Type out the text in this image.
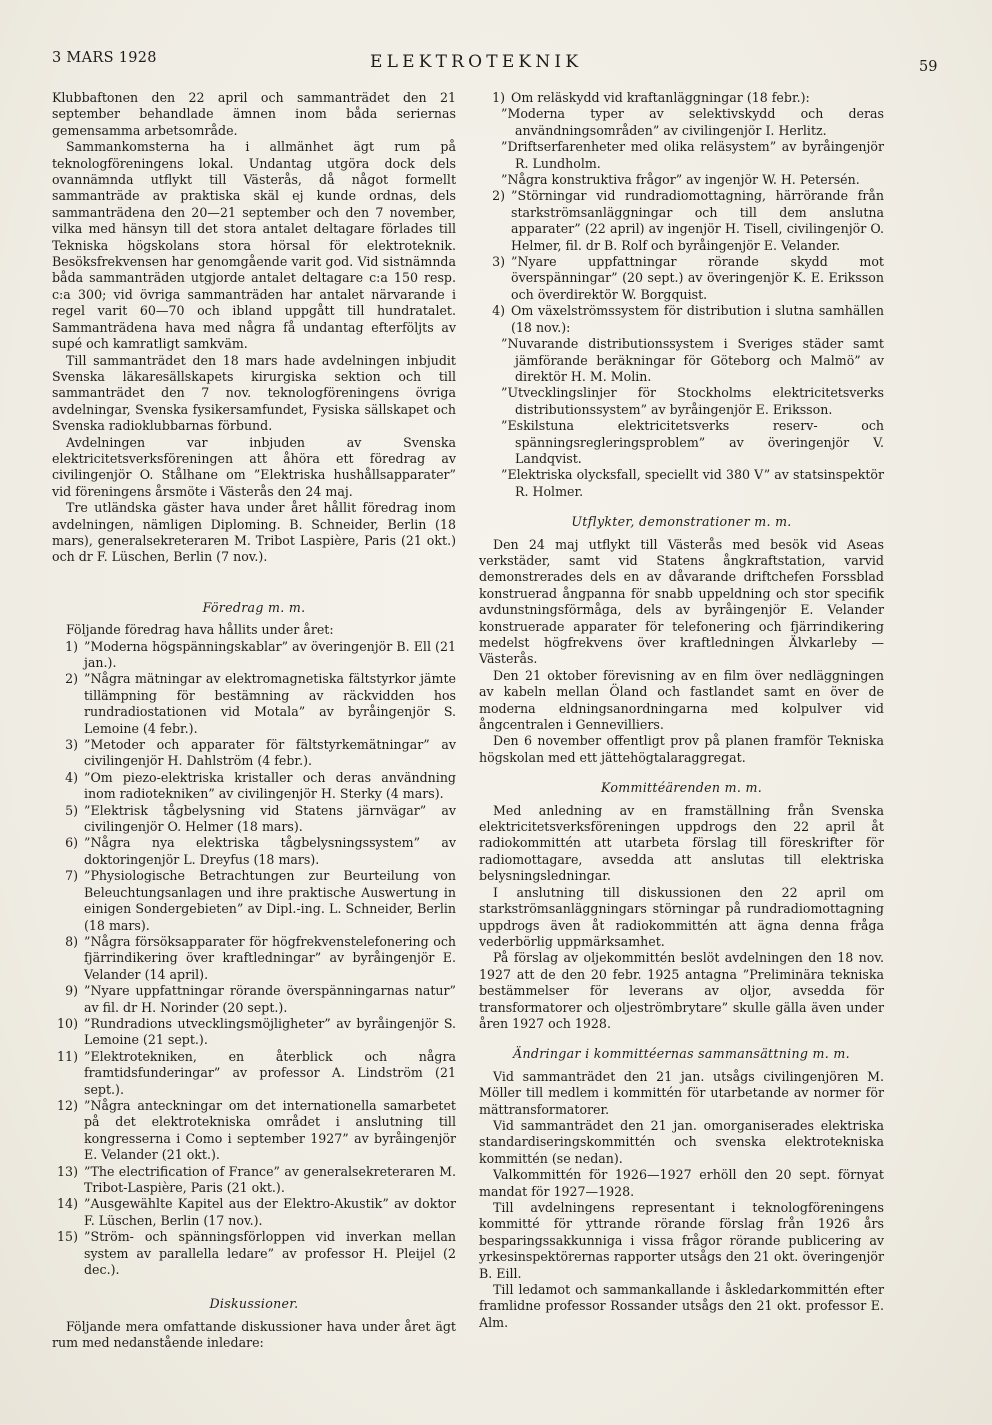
3 MARS 1928	ELEKTROTEKNIK	59

Klubbaftonen den 22 april och sammanträdet den 21 september behandlade ämnen inom båda seriernas gemensamma arbetsområde.

Sammankomsterna ha i allmänhet ägt rum på teknologföreningens lokal. Undantag utgöra dock dels ovannämnda utflykt till Västerås, då något formellt sammanträde av praktiska skäl ej kunde ordnas, dels sammanträdena den 20—21 september och den 7 november, vilka med hänsyn till det stora antalet deltagare förlades till Tekniska högskolans stora hörsal för elektroteknik. Besöksfrekvensen har genomgående varit god. Vid sistnämnda båda sammanträden utgjorde antalet deltagare c:a 150 resp. c:a 300; vid övriga sammanträden har antalet närvarande i regel varit 60—70 och ibland uppgått till hundratalet. Sammanträdena hava med några få undantag efterföljts av supé och kamratligt samkväm.

Till sammanträdet den 18 mars hade avdelningen inbjudit Svenska läkaresällskapets kirurgiska sektion och till sammanträdet den 7 nov. teknologföreningens övriga avdelningar, Svenska fysikersamfundet, Fysiska sällskapet och Svenska radioklubbarnas förbund.

Avdelningen var inbjuden av Svenska elektricitetsverksföreningen att åhöra ett föredrag av civilingenjör O. Stålhane om ”Elektriska hushållsapparater” vid föreningens årsmöte i Västerås den 24 maj.

Tre utländska gäster hava under året hållit föredrag inom avdelningen, nämligen Diploming. B. Schneider, Berlin (18 mars), generalsekreteraren M. Tribot Laspière, Paris (21 okt.) och dr F. Lüschen, Berlin (7 nov.).

Föredrag m. m.

Följande föredrag hava hållits under året:

1) ”Moderna högspänningskablar” av överingenjör B. Ell (21 jan.).
2) ”Några mätningar av elektromagnetiska fältstyrkor jämte tillämpning för bestämning av räckvidden hos rundradiostationen vid Motala” av byråingenjör S. Lemoine (4 febr.).
3) ”Metoder och apparater för fältstyrkemätningar” av civilingenjör H. Dahlström (4 febr.).
4) ”Om piezo-elektriska kristaller och deras användning inom radiotekniken” av civilingenjör H. Sterky (4 mars).
5) ”Elektrisk tågbelysning vid Statens järnvägar” av civilingenjör O. Helmer (18 mars).
6) ”Några nya elektriska tågbelysningssystem” av doktoringenjör L. Dreyfus (18 mars).
7) ”Physiologische Betrachtungen zur Beurteilung von Beleuchtungsanlagen und ihre praktische Auswertung in einigen Sondergebieten” av Dipl.-ing. L. Schneider, Berlin (18 mars).
8) ”Några försöksapparater för högfrekvenstelefonering och fjärrindikering över kraftledningar” av byråingenjör E. Velander (14 april).
9) ”Nyare uppfattningar rörande överspänningarnas natur” av fil. dr H. Norinder (20 sept.).
10) ”Rundradions utvecklingsmöjligheter” av byråingenjör S. Lemoine (21 sept.).
11) ”Elektrotekniken, en återblick och några framtidsfunderingar” av professor A. Lindström (21 sept.).
12) ”Några anteckningar om det internationella samarbetet på det elektrotekniska området i anslutning till kongresserna i Como i september 1927” av byråingenjör E. Velander (21 okt.).
13) ”The electrification of France” av generalsekreteraren M. Tribot-Laspière, Paris (21 okt.).
14) ”Ausgewählte Kapitel aus der Elektro-Akustik” av doktor F. Lüschen, Berlin (17 nov.).
15) ”Ström- och spänningsförloppen vid inverkan mellan system av parallella ledare” av professor H. Pleijel (2 dec.).
Diskussioner.

Följande mera omfattande diskussioner hava under året ägt rum med nedanstående inledare:

1) Om reläskydd vid kraftanläggningar (18 febr.):

”Moderna typer av selektivskydd och deras användningsområden” av civilingenjör I. Herlitz.

”Driftserfarenheter med olika reläsystem” av byråingenjör R. Lundholm.

”Några konstruktiva frågor” av ingenjör W. H. Petersén.

2) ”Störningar vid rundradiomottagning, härrörande från starkströmsanläggningar och till dem anslutna apparater” (22 april) av ingenjör H. Tisell, civilingenjör O. Helmer, fil. dr B. Rolf och byråingenjör E. Velander.
3) ”Nyare uppfattningar rörande skydd mot överspänningar” (20 sept.) av överingenjör K. E. Eriksson och överdirektör W. Borgquist.
4) Om växelströmssystem för distribution i slutna samhällen (18 nov.):

”Nuvarande distributionssystem i Sveriges städer samt jämförande beräkningar för Göteborg och Malmö” av direktör H. M. Molin.

”Utvecklingslinjer för Stockholms elektricitetsverks distributionssystem” av byråingenjör E. Eriksson.

”Eskilstuna elektricitetsverks reserv- och spänningsregleringsproblem” av överingenjör V. Landqvist.

”Elektriska olycksfall, speciellt vid 380 V” av statsinspektör R. Holmer.

Utflykter, demonstrationer m. m.

Den 24 maj utflykt till Västerås med besök vid Aseas verkstäder, samt vid Statens ångkraftstation, varvid demonstrerades dels en av dåvarande driftchefen Forssblad konstruerad ångpanna för snabb uppeldning och stor specifik avdunstningsförmåga, dels av byråingenjör E. Velander konstruerade apparater för telefonering och fjärrindikering medelst högfrekvens över kraftledningen Älvkarleby —Västerås.

Den 21 oktober förevisning av en film över nedläggningen av kabeln mellan Öland och fastlandet samt en över de moderna eldningsanordningarna med kolpulver vid ångcentralen i Gennevilliers.

Den 6 november offentligt prov på planen framför Tekniska högskolan med ett jättehögtalaraggregat.

Kommittéärenden m. m.

Med anledning av en framställning från Svenska elektricitetsverksföreningen uppdrogs den 22 april åt radiokommittén att utarbeta förslag till föreskrifter för radiomottagare, avsedda att anslutas till elektriska belysningsledningar.

I anslutning till diskussionen den 22 april om starkströmsanläggningars störningar på rundradiomottagning uppdrogs även åt radiokommittén att ägna denna fråga vederbörlig uppmärksamhet.

På förslag av oljekommittén beslöt avdelningen den 18 nov. 1927 att de den 20 febr. 1925 antagna ”Preliminära tekniska bestämmelser för leverans av oljor, avsedda för transformatorer och oljeströmbrytare” skulle gälla även under åren 1927 och 1928.

Ändringar i kommittéernas sammansättning m. m.

Vid sammanträdet den 21 jan. utsågs civilingenjören M. Möller till medlem i kommittén för utarbetande av normer för mättransformatorer.

Vid sammanträdet den 21 jan. omorganiserades elektriska standardiseringskommittén och svenska elektrotekniska kommittén (se nedan).

Valkommittén för 1926—1927 erhöll den 20 sept. förnyat mandat för 1927—1928.

Till avdelningens representant i teknologföreningens kommitté för yttrande rörande förslag från 1926 års besparingssakkunniga i vissa frågor rörande publicering av yrkesinspektörernas rapporter utsågs den 21 okt. överingenjör B. Eill.

Till ledamot och sammankallande i åskledarkommittén efter framlidne professor Rossander utsågs den 21 okt. professor E. Alm.
